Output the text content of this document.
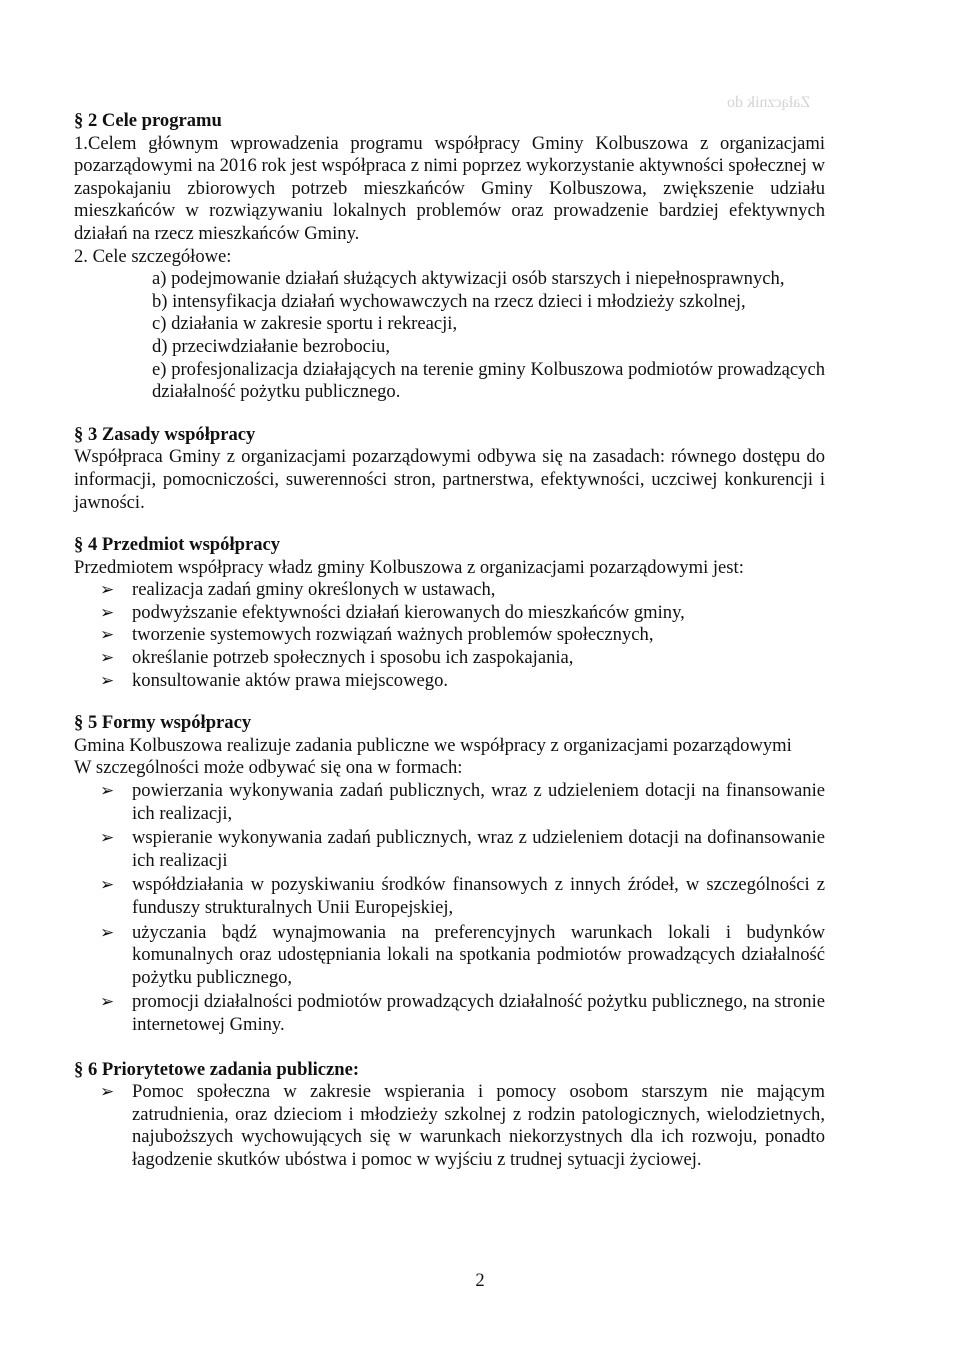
Załącznik do
§ 2 Cele programu

1.Celem głównym wprowadzenia programu współpracy Gminy Kolbuszowa z organizacjami pozarządowymi na 2016 rok jest współpraca z nimi poprzez wykorzystanie aktywności społecznej w zaspokajaniu zbiorowych potrzeb mieszkańców Gminy Kolbuszowa, zwiększenie udziału mieszkańców w rozwiązywaniu lokalnych problemów oraz prowadzenie bardziej efektywnych działań na rzecz mieszkańców Gminy.

2. Cele szczegółowe:

a) podejmowanie działań służących aktywizacji osób starszych i niepełnosprawnych,
b) intensyfikacja działań wychowawczych na rzecz dzieci i młodzieży szkolnej,
c) działania w zakresie sportu i rekreacji,
d) przeciwdziałanie bezrobociu,
e) profesjonalizacja działających na terenie gminy Kolbuszowa podmiotów prowadzących działalność pożytku publicznego.
§ 3 Zasady współpracy

Współpraca Gminy z organizacjami pozarządowymi odbywa się na zasadach: równego dostępu do informacji, pomocniczości, suwerenności stron, partnerstwa, efektywności, uczciwej konkurencji i jawności.

§ 4 Przedmiot współpracy

Przedmiotem współpracy władz gminy Kolbuszowa z organizacjami pozarządowymi jest:

➢ realizacja zadań gminy określonych w ustawach,
➢ podwyższanie efektywności działań kierowanych do mieszkańców gminy,
➢ tworzenie systemowych rozwiązań ważnych problemów społecznych,
➢ określanie potrzeb społecznych i sposobu ich zaspokajania,
➢ konsultowanie aktów prawa miejscowego.
§ 5 Formy współpracy

Gmina Kolbuszowa realizuje zadania publiczne we współpracy z organizacjami pozarządowymi

W szczególności może odbywać się ona w formach:

➢ powierzania wykonywania zadań publicznych, wraz z udzieleniem dotacji na finansowanie ich realizacji,
➢ wspieranie wykonywania zadań publicznych, wraz z udzieleniem dotacji na dofinansowanie ich realizacji
➢ współdziałania w pozyskiwaniu środków finansowych z innych źródeł, w szczególności z funduszy strukturalnych Unii Europejskiej,
➢ użyczania bądź wynajmowania na preferencyjnych warunkach lokali i budynków komunalnych oraz udostępniania lokali na spotkania podmiotów prowadzących działalność pożytku publicznego,
➢ promocji działalności podmiotów prowadzących działalność pożytku publicznego, na stronie internetowej Gminy.
§ 6 Priorytetowe zadania publiczne:
➢ Pomoc społeczna w zakresie wspierania i pomocy osobom starszym nie mającym zatrudnienia, oraz dzieciom i młodzieży szkolnej z rodzin patologicznych, wielodzietnych, najuboższych wychowujących się w warunkach niekorzystnych dla ich rozwoju, ponadto łagodzenie skutków ubóstwa i pomoc w wyjściu z trudnej sytuacji życiowej.
2
